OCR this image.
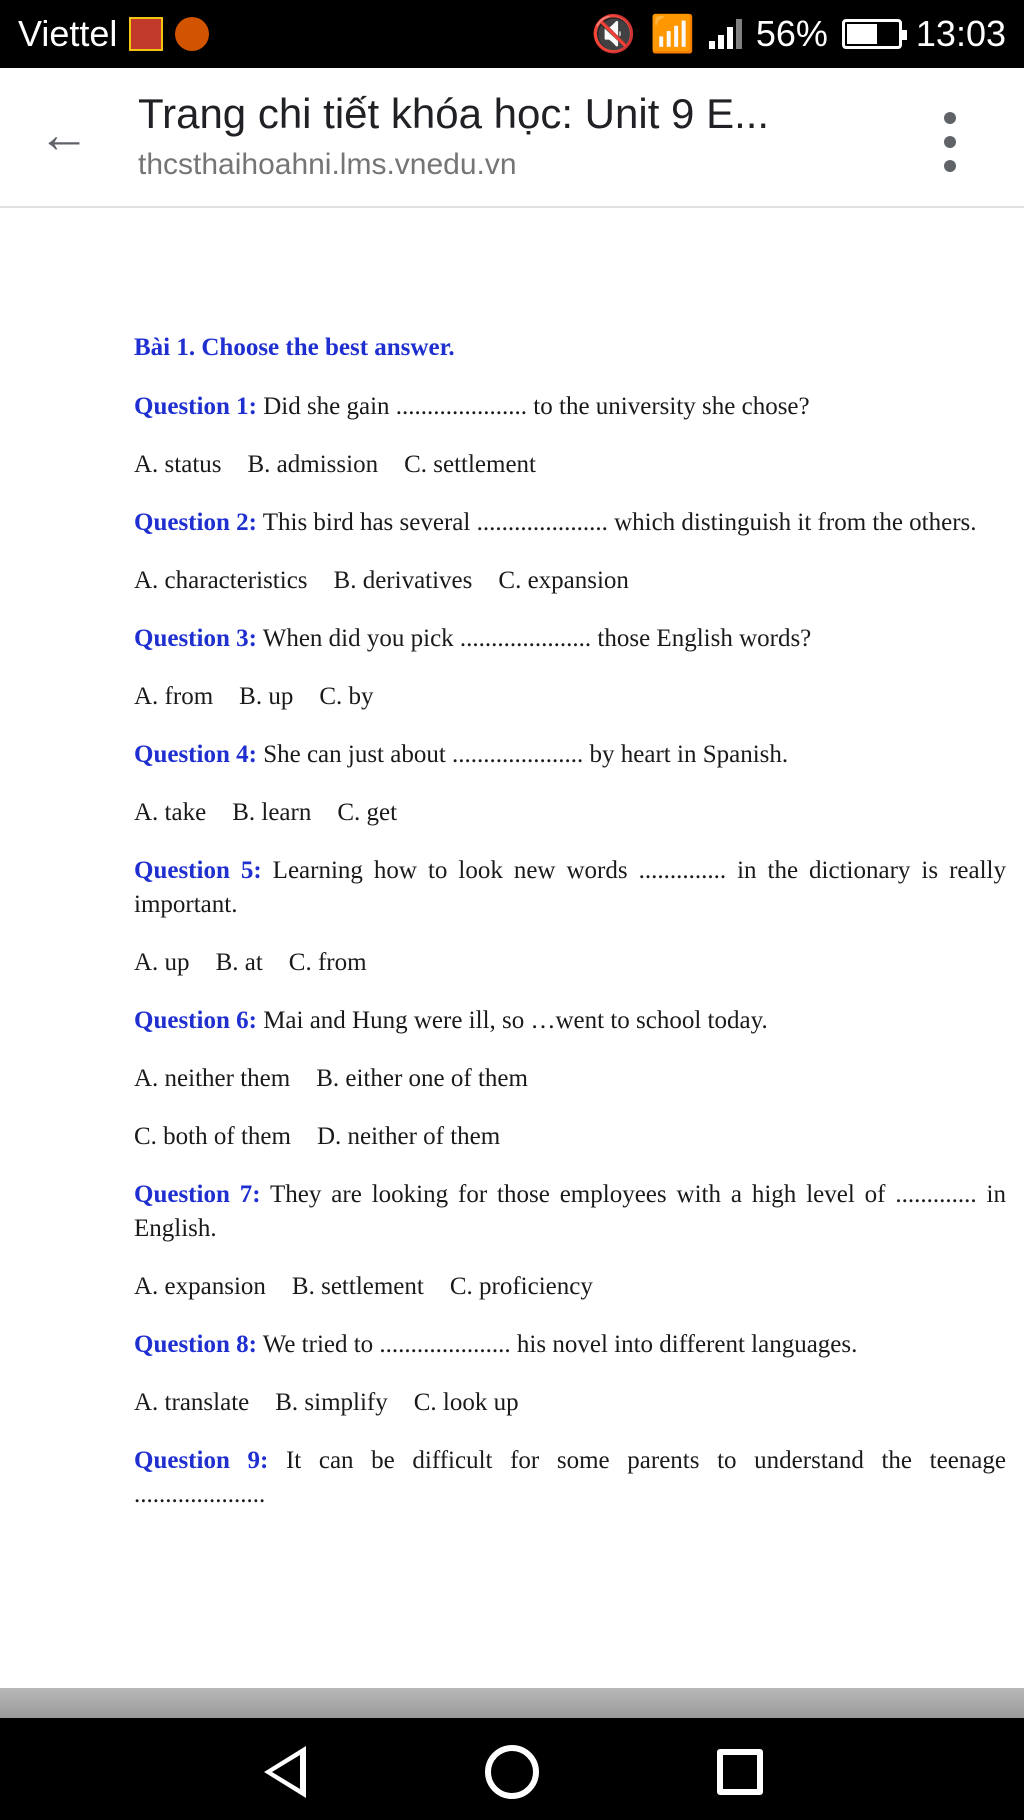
Viettel	🔇 📶 56% 13:03
← Trang chi tiết khóa học: Unit 9 E...
thcsthaihoahni.lms.vnedu.vn
Bài 1. Choose the best answer.
Question 1: Did she gain ..................... to the university she chose?
A. status B. admission C. settlement
Question 2: This bird has several ..................... which distinguish it from the others.
A. characteristics B. derivatives C. expansion
Question 3: When did you pick ..................... those English words?
A. from B. up C. by
Question 4: She can just about ..................... by heart in Spanish.
A. take B. learn C. get
Question 5: Learning how to look new words .............. in the dictionary is really important.
A. up B. at C. from
Question 6: Mai and Hung were ill, so …went to school today.
A. neither them B. either one of them
C. both of them D. neither of them
Question 7: They are looking for those employees with a high level of ............. in English.
A. expansion B. settlement C. proficiency
Question 8: We tried to ..................... his novel into different languages.
A. translate B. simplify C. look up
Question 9: It can be difficult for some parents to understand the teenage .....................
